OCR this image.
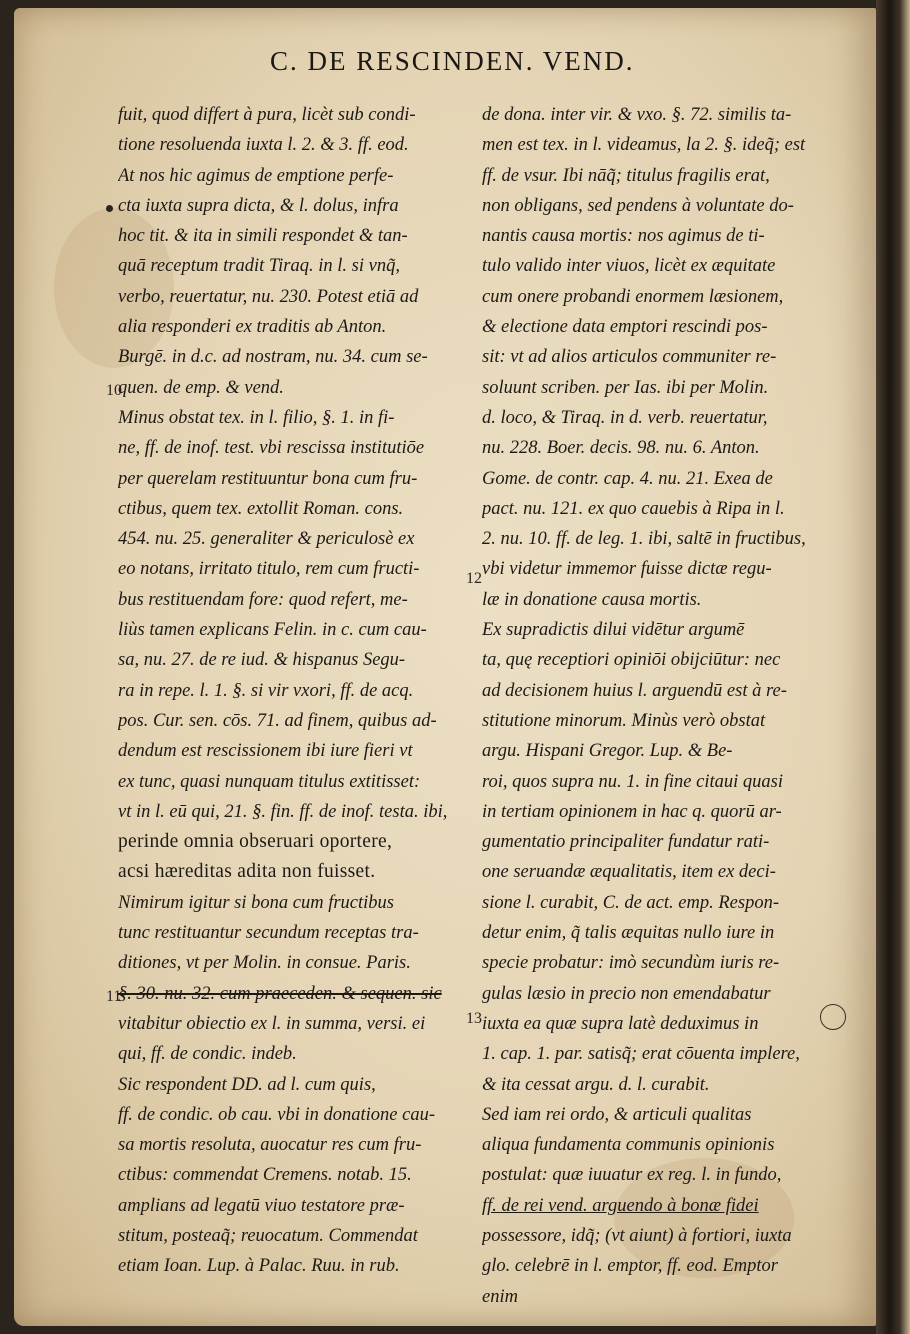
C. DE RESCINDEN. VEND.
10
11
12
13
fuit, quod differt à pura, licèt sub condi-
tione resoluenda iuxta l. 2. & 3. ff. eod.
At nos hic agimus de emptione perfe-
cta iuxta supra dicta, & l. dolus, infra
hoc tit. & ita in simili respondet & tan-
quā receptum tradit Tiraq. in l. si vnq̃,
verbo, reuertatur, nu. 230. Potest etiā ad
alia responderi ex traditis ab Anton.
Burgē. in d.c. ad nostram, nu. 34. cum se-
quen. de emp. & vend.
Minus obstat tex. in l. filio, §. 1. in fi-
ne, ff. de inof. test. vbi rescissa institutiōe
per querelam restituuntur bona cum fru-
ctibus, quem tex. extollit Roman. cons.
454. nu. 25. generaliter & periculosè ex
eo notans, irritato titulo, rem cum fructi-
bus restituendam fore: quod refert, me-
liùs tamen explicans Felin. in c. cum cau-
sa, nu. 27. de re iud. & hispanus Segu-
ra in repe. l. 1. §. si vir vxori, ff. de acq.
pos. Cur. sen. cōs. 71. ad finem, quibus ad-
dendum est rescissionem ibi iure fieri vt
ex tunc, quasi nunquam titulus extitisset:
vt in l. eū qui, 21. §. fin. ff. de inof. testa. ibi,
perinde omnia obseruari oportere,
acsi hæreditas adita non fuisset.
Nimirum igitur si bona cum fructibus
tunc restituantur secundum receptas tra-
ditiones, vt per Molin. in consue. Paris.
§. 30. nu. 32. cum praeceden. & sequen. sic
vitabitur obiectio ex l. in summa, versi. ei
qui, ff. de condic. indeb.
Sic respondent DD. ad l. cum quis,
ff. de condic. ob cau. vbi in donatione cau-
sa mortis resoluta, auocatur res cum fru-
ctibus: commendat Cremens. notab. 15.
amplians ad legatū viuo testatore præ-
stitum, posteaq̃; reuocatum. Commendat
etiam Ioan. Lup. à Palac. Ruu. in rub.
de dona. inter vir. & vxo. §. 72. similis ta-
men est tex. in l. videamus, la 2. §. ideq̃; est
ff. de vsur. Ibi nāq̃; titulus fragilis erat,
non obligans, sed pendens à voluntate do-
nantis causa mortis: nos agimus de ti-
tulo valido inter viuos, licèt ex æquitate
cum onere probandi enormem læsionem,
& electione data emptori rescindi pos-
sit: vt ad alios articulos communiter re-
soluunt scriben. per Ias. ibi per Molin.
d. loco, & Tiraq. in d. verb. reuertatur,
nu. 228. Boer. decis. 98. nu. 6. Anton.
Gome. de contr. cap. 4. nu. 21. Exea de
pact. nu. 121. ex quo cauebis à Ripa in l.
2. nu. 10. ff. de leg. 1. ibi, saltē in fructibus,
vbi videtur immemor fuisse dictæ regu-
læ in donatione causa mortis.
Ex supradictis dilui vidētur argumē
ta, quę receptiori opiniōi obijciūtur: nec
ad decisionem huius l. arguendū est à re-
stitutione minorum. Minùs verò obstat
argu. Hispani Gregor. Lup. & Be-
roi, quos supra nu. 1. in fine citaui quasi
in tertiam opinionem in hac q. quorū ar-
gumentatio principaliter fundatur rati-
one seruandæ æqualitatis, item ex deci-
sione l. curabit, C. de act. emp. Respon-
detur enim, q̃ talis æquitas nullo iure in
specie probatur: imò secundùm iuris re-
gulas læsio in precio non emendabatur
iuxta ea quæ supra latè deduximus in
1. cap. 1. par. satisq̃; erat cōuenta implere,
& ita cessat argu. d. l. curabit.
Sed iam rei ordo, & articuli qualitas
aliqua fundamenta communis opinionis
postulat: quæ iuuatur ex reg. l. in fundo,
ff. de rei vend. arguendo à bonæ fidei
possessore, idq̃; (vt aiunt) à fortiori, iuxta
glo. celebrē in l. emptor, ff. eod. Emptor
enim
